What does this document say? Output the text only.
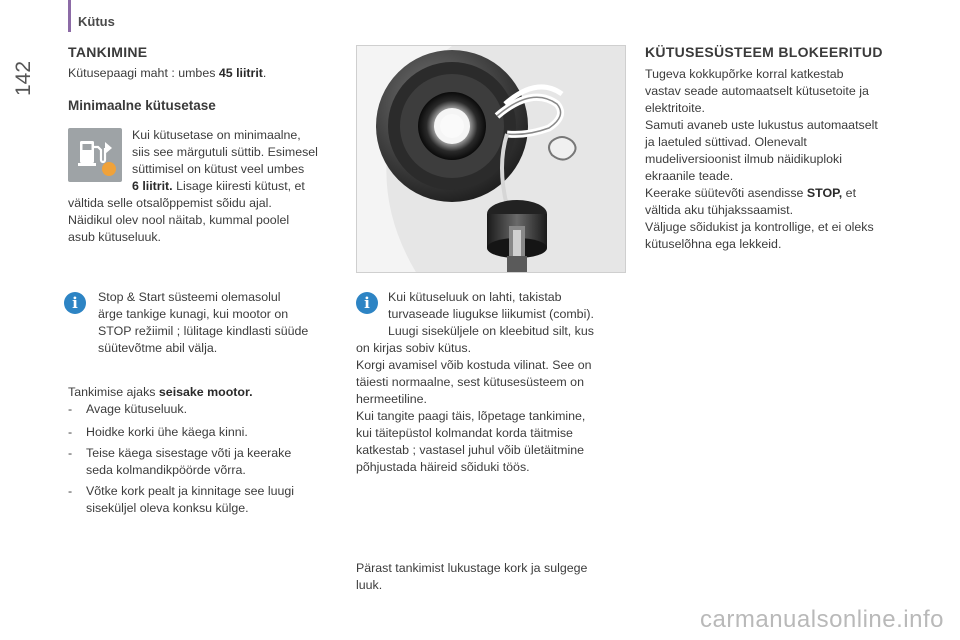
Kütus
142
TANKIMINE
Kütusepaagi maht : umbes 45 liitrit.
Minimaalne kütusetase
Kui kütusetase on minimaalne,
siis see märgutuli süttib. Esimesel
süttimisel on kütust veel umbes
6 liitrit. Lisage kiiresti kütust, et
vältida selle otsalõppemist sõidu ajal.
Näidikul olev nool näitab, kummal poolel
asub kütuseluuk.
i	Stop & Start süsteemi olemasolul
ärge tankige kunagi, kui mootor on
STOP režiimil ; lülitage kindlasti süüde
süütevõtme abil välja.
Tankimise ajaks seisake mootor.
- Avage kütuseluuk.
- Hoidke korki ühe käega kinni.
- Teise käega sisestage võti ja keerake
seda kolmandikpöörde võrra.
- Võtke kork pealt ja kinnitage see luugi
siseküljel oleva konksu külge.
i	Kui kütuseluuk on lahti, takistab
turvaseade liugukse liikumist (combi).
Luugi siseküljele on kleebitud silt, kus
on kirjas sobiv kütus.
Korgi avamisel võib kostuda vilinat. See on
täiesti normaalne, sest kütusesüsteem on
hermeetiline.
Kui tangite paagi täis, lõpetage tankimine,
kui täitepüstol kolmandat korda täitmise
katkestab ; vastasel juhul võib ületäitmine
põhjustada häireid sõiduki töös.
Pärast tankimist lukustage kork ja sulgege
luuk.
KÜTUSESÜSTEEM BLOKEERITUD
Tugeva kokkupõrke korral katkestab
vastav seade automaatselt kütusetoite ja
elektritoite.
Samuti avaneb uste lukustus automaatselt
ja laetuled süttivad. Olenevalt
mudeliversioonist ilmub näidikuploki
ekraanile teade.
Keerake süütevõti asendisse STOP, et
vältida aku tühjakssaamist.
Väljuge sõidukist ja kontrollige, et ei oleks
kütuselõhna ega lekkeid.
carmanualsonline.info
